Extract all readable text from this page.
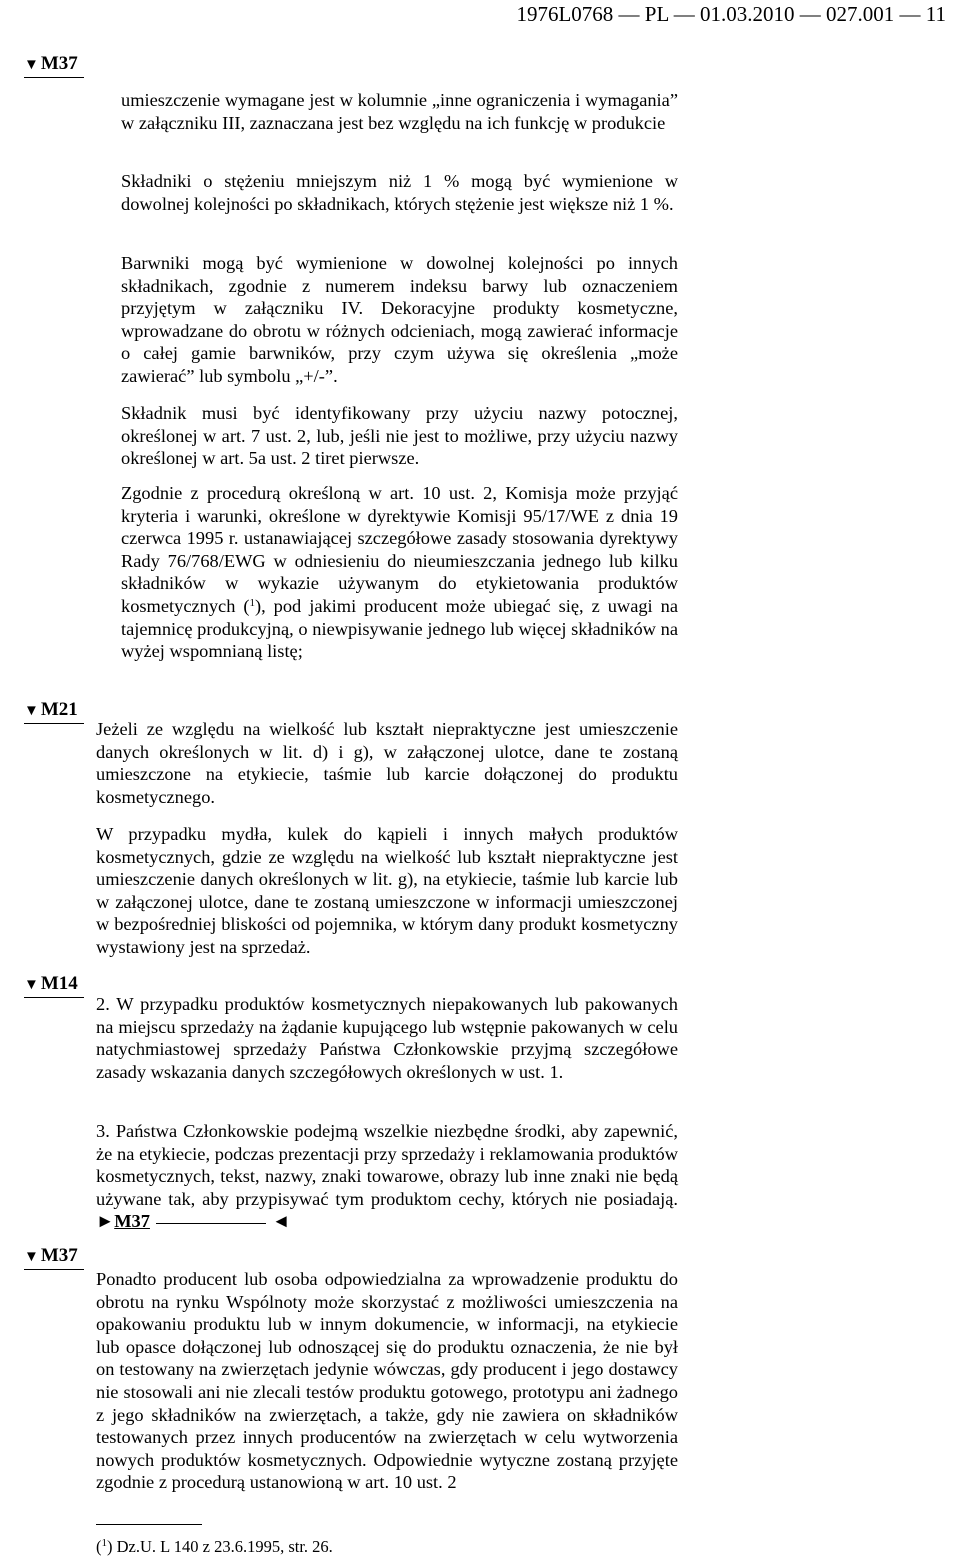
1976L0768 — PL — 01.03.2010 — 027.001 — 11
▼ M37

umieszczenie wymagane jest w kolumnie „inne ograniczenia i wymagania” w załączniku III, zaznaczana jest bez względu na ich funkcję w produkcie

Składniki o stężeniu mniejszym niż 1 % mogą być wymienione w dowolnej kolejności po składnikach, których stężenie jest większe niż 1 %.

Barwniki mogą być wymienione w dowolnej kolejności po innych składnikach, zgodnie z numerem indeksu barwy lub oznaczeniem przyjętym w załączniku IV. Dekoracyjne produkty kosmetyczne, wprowadzane do obrotu w różnych odcieniach, mogą zawierać informacje o całej gamie barwników, przy czym używa się określenia „może zawierać” lub symbolu „+/-”.

Składnik musi być identyfikowany przy użyciu nazwy potocznej, określonej w art. 7 ust. 2, lub, jeśli nie jest to możliwe, przy użyciu nazwy określonej w art. 5a ust. 2 tiret pierwsze.

Zgodnie z procedurą określoną w art. 10 ust. 2, Komisja może przyjąć kryteria i warunki, określone w dyrektywie Komisji 95/17/WE z dnia 19 czerwca 1995 r. ustanawiającej szczegółowe zasady stosowania dyrektywy Rady 76/768/EWG w odniesieniu do nieumieszczania jednego lub kilku składników w wykazie używanym do etykietowania produktów kosmetycznych ($^1$), pod jakimi producent może ubiegać się, z uwagi na tajemnicę produkcyjną, o niewpisywanie jednego lub więcej składników na wyżej wspomnianą listę;

▼ M21

Jeżeli ze względu na wielkość lub kształt niepraktyczne jest umieszczenie danych określonych w lit. d) i g), w załączonej ulotce, dane te zostaną umieszczone na etykiecie, taśmie lub karcie dołączonej do produktu kosmetycznego.

W przypadku mydła, kulek do kąpieli i innych małych produktów kosmetycznych, gdzie ze względu na wielkość lub kształt niepraktyczne jest umieszczenie danych określonych w lit. g), na etykiecie, taśmie lub karcie lub w załączonej ulotce, dane te zostaną umieszczone w informacji umieszczonej w bezpośredniej bliskości od pojemnika, w którym dany produkt kosmetyczny wystawiony jest na sprzedaż.

▼ M14

2. W przypadku produktów kosmetycznych niepakowanych lub pakowanych na miejscu sprzedaży na żądanie kupującego lub wstępnie pakowanych w celu natychmiastowej sprzedaży Państwa Członkowskie przyjmą szczegółowe zasady wskazania danych szczegółowych określonych w ust. 1.

3. Państwa Członkowskie podejmą wszelkie niezbędne środki, aby zapewnić, że na etykiecie, podczas prezentacji przy sprzedaży i reklamowania produktów kosmetycznych, tekst, nazwy, znaki towarowe, obrazy lub inne znaki nie będą używane tak, aby przypisywać tym produktom cechy, których nie posiadają. ►M37	◄

▼ M37

Ponadto producent lub osoba odpowiedzialna za wprowadzenie produktu do obrotu na rynku Wspólnoty może skorzystać z możliwości umieszczenia na opakowaniu produktu lub w innym dokumencie, w informacji, na etykiecie lub opasce dołączonej lub odnoszącej się do produktu oznaczenia, że nie był on testowany na zwierzętach jedynie wówczas, gdy producent i jego dostawcy nie stosowali ani nie zlecali testów produktu gotowego, prototypu ani żadnego z jego składników na zwierzętach, a także, gdy nie zawiera on składników testowanych przez innych producentów na zwierzętach w celu wytworzenia nowych produktów kosmetycznych. Odpowiednie wytyczne zostaną przyjęte zgodnie z procedurą ustanowioną w art. 10 ust. 2

($^1$) Dz.U. L 140 z 23.6.1995, str. 26.
